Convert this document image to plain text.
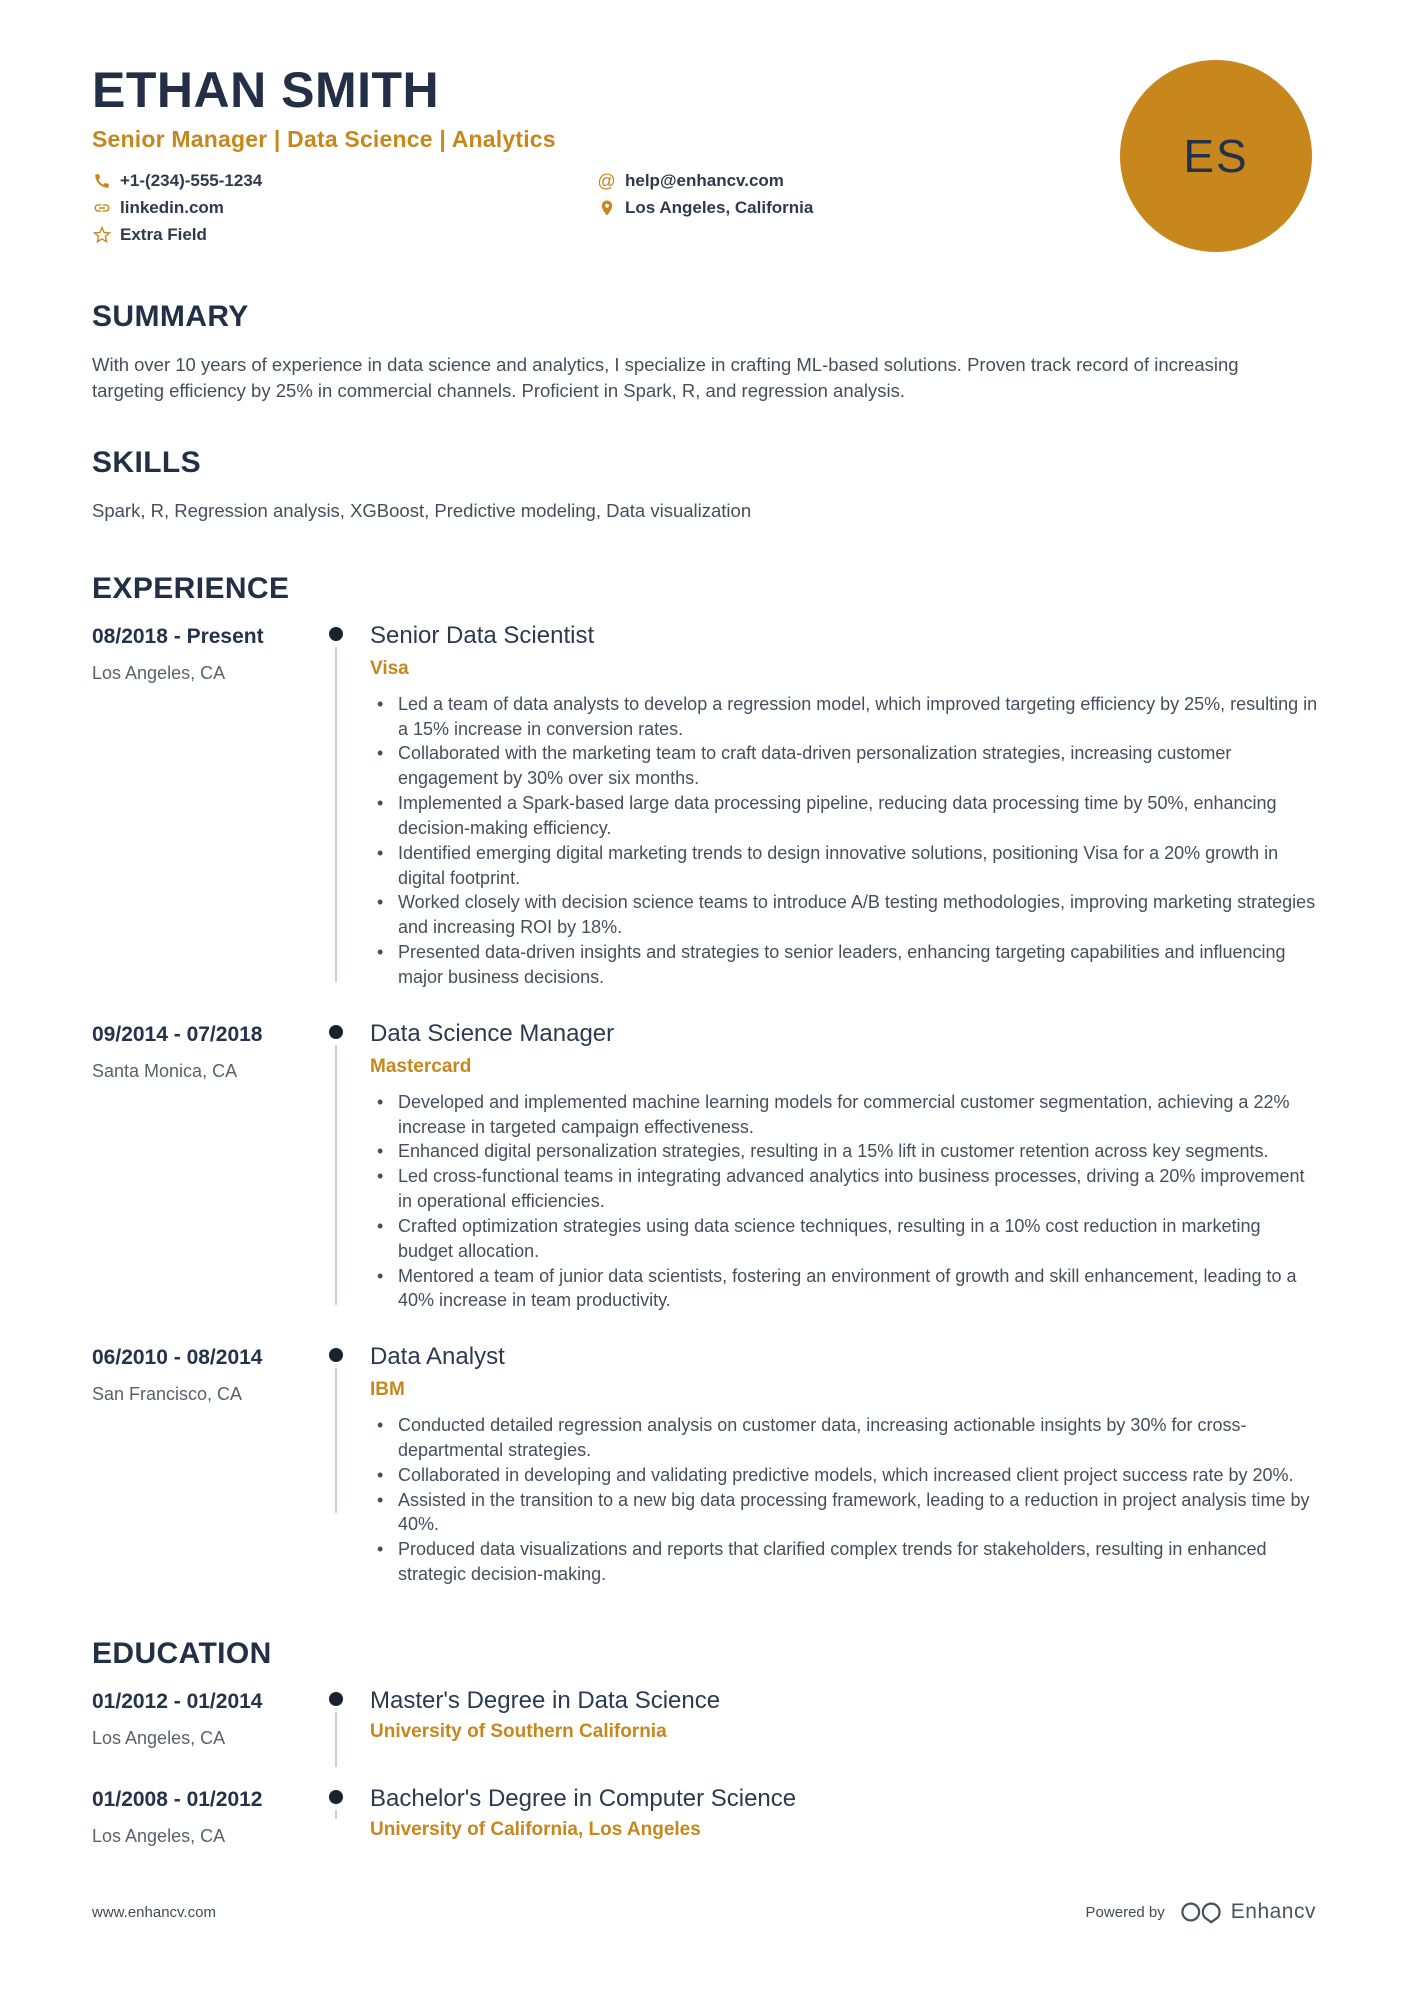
ETHAN SMITH
Senior Manager | Data Science | Analytics
+1-(234)-555-1234	@ help@enhancv.com
linkedin.com	Los Angeles, California
Extra Field
ES
SUMMARY

With over 10 years of experience in data science and analytics, I specialize in crafting ML-based solutions. Proven track record of increasing targeting efficiency by 25% in commercial channels. Proficient in Spark, R, and regression analysis.

SKILLS

Spark, R, Regression analysis, XGBoost, Predictive modeling, Data visualization

EXPERIENCE
08/2018 - Present
Los Angeles, CA
Senior Data Scientist
Visa
• Led a team of data analysts to develop a regression model, which improved targeting efficiency by 25%, resulting in a 15% increase in conversion rates.
• Collaborated with the marketing team to craft data-driven personalization strategies, increasing customer engagement by 30% over six months.
• Implemented a Spark-based large data processing pipeline, reducing data processing time by 50%, enhancing decision-making efficiency.
• Identified emerging digital marketing trends to design innovative solutions, positioning Visa for a 20% growth in digital footprint.
• Worked closely with decision science teams to introduce A/B testing methodologies, improving marketing strategies and increasing ROI by 18%.
• Presented data-driven insights and strategies to senior leaders, enhancing targeting capabilities and influencing major business decisions.
09/2014 - 07/2018
Santa Monica, CA
Data Science Manager
Mastercard
• Developed and implemented machine learning models for commercial customer segmentation, achieving a 22% increase in targeted campaign effectiveness.
• Enhanced digital personalization strategies, resulting in a 15% lift in customer retention across key segments.
• Led cross-functional teams in integrating advanced analytics into business processes, driving a 20% improvement in operational efficiencies.
• Crafted optimization strategies using data science techniques, resulting in a 10% cost reduction in marketing budget allocation.
• Mentored a team of junior data scientists, fostering an environment of growth and skill enhancement, leading to a 40% increase in team productivity.
06/2010 - 08/2014
San Francisco, CA
Data Analyst
IBM
• Conducted detailed regression analysis on customer data, increasing actionable insights by 30% for cross-departmental strategies.
• Collaborated in developing and validating predictive models, which increased client project success rate by 20%.
• Assisted in the transition to a new big data processing framework, leading to a reduction in project analysis time by 40%.
• Produced data visualizations and reports that clarified complex trends for stakeholders, resulting in enhanced strategic decision-making.
EDUCATION
01/2012 - 01/2014
Los Angeles, CA
Master's Degree in Data Science
University of Southern California
01/2008 - 01/2012
Los Angeles, CA
Bachelor's Degree in Computer Science
University of California, Los Angeles
www.enhancv.com	Powered by	Enhancv
